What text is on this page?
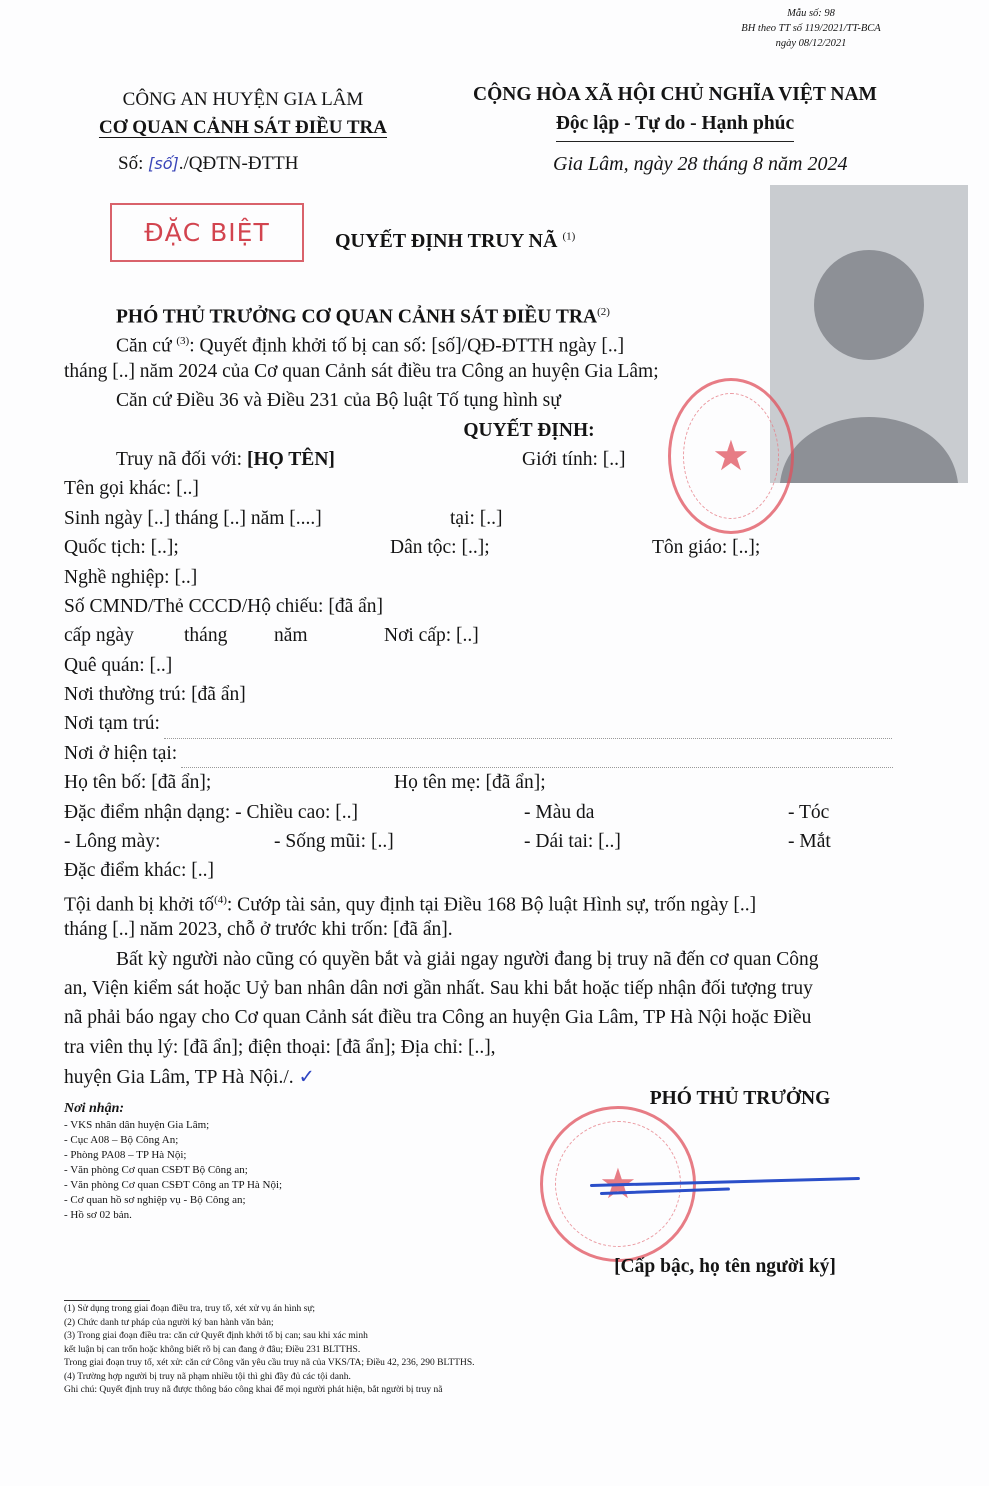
Mẫu số: 98
BH theo TT số 119/2021/TT-BCA
ngày 08/12/2021
CÔNG AN HUYỆN GIA LÂM
CƠ QUAN CẢNH SÁT ĐIỀU TRA
Số: [số]./QĐTN-ĐTTH
CỘNG HÒA XÃ HỘI CHỦ NGHĨA VIỆT NAM
Độc lập - Tự do - Hạnh phúc
Gia Lâm, ngày 28 tháng 8 năm 2024
ĐẶC BIỆT	QUYẾT ĐỊNH TRUY NÃ $^{(1)}$
★
PHÓ THỦ TRƯỞNG CƠ QUAN CẢNH SÁT ĐIỀU TRA$^{(2)}$
Căn cứ $^{(3)}$: Quyết định khởi tố bị can số: [số]/QĐ-ĐTTH ngày [..]
tháng [..] năm 2024 của Cơ quan Cảnh sát điều tra Công an huyện Gia Lâm;
Căn cứ Điều 36 và Điều 231 của Bộ luật Tố tụng hình sự
QUYẾT ĐỊNH:
Truy nã đối với: [HỌ TÊN]	Giới tính: [..]
Tên gọi khác: [..]
Sinh ngày [..] tháng [..] năm [....]	tại: [..]
Quốc tịch: [..];	Dân tộc: [..];	Tôn giáo: [..];
Nghề nghiệp: [..]
Số CMND/Thẻ CCCD/Hộ chiếu: [đã ẩn]
cấp ngày	tháng năm	Nơi cấp: [..]
Quê quán: [..]
Nơi thường trú: [đã ẩn]
Nơi tạm trú:
Nơi ở hiện tại:
Họ tên bố: [đã ẩn];	Họ tên mẹ: [đã ẩn];
Đặc điểm nhận dạng: - Chiều cao: [..]	- Màu da	- Tóc
- Lông mày:	- Sống mũi: [..]	- Dái tai: [..]	- Mắt
Đặc điểm khác: [..]
Tội danh bị khởi tố$^{(4)}$: Cướp tài sản, quy định tại Điều 168 Bộ luật Hình sự, trốn ngày [..]
tháng [..] năm 2023, chỗ ở trước khi trốn: [đã ẩn].
Bất kỳ người nào cũng có quyền bắt và giải ngay người đang bị truy nã đến cơ quan Công
an, Viện kiểm sát hoặc Uỷ ban nhân dân nơi gần nhất. Sau khi bắt hoặc tiếp nhận đối tượng truy
nã phải báo ngay cho Cơ quan Cảnh sát điều tra Công an huyện Gia Lâm, TP Hà Nội hoặc Điều
tra viên thụ lý: [đã ẩn]; điện thoại: [đã ẩn]; Địa chỉ: [..],
huyện Gia Lâm, TP Hà Nội./. ✓
Nơi nhận:
- VKS nhân dân huyện Gia Lâm;
- Cục A08 – Bộ Công An;
- Phòng PA08 – TP Hà Nội;
- Văn phòng Cơ quan CSĐT Bộ Công an;
- Văn phòng Cơ quan CSĐT Công an TP Hà Nội;
- Cơ quan hồ sơ nghiệp vụ - Bộ Công an;
- Hồ sơ 02 bản.
PHÓ THỦ TRƯỞNG
★
[Cấp bậc, họ tên người ký]
(1) Sử dụng trong giai đoạn điều tra, truy tố, xét xử vụ án hình sự;
(2) Chức danh tư pháp của người ký ban hành văn bản;
(3) Trong giai đoạn điều tra: căn cứ Quyết định khởi tố bị can; sau khi xác minh
kết luận bị can trốn hoặc không biết rõ bị can đang ở đâu; Điều 231 BLTTHS.
Trong giai đoạn truy tố, xét xử: căn cứ Công văn yêu cầu truy nã của VKS/TA; Điều 42, 236, 290 BLTTHS.
(4) Trường hợp người bị truy nã phạm nhiều tội thì ghi đầy đủ các tội danh.
Ghi chú: Quyết định truy nã được thông báo công khai để mọi người phát hiện, bắt người bị truy nã
